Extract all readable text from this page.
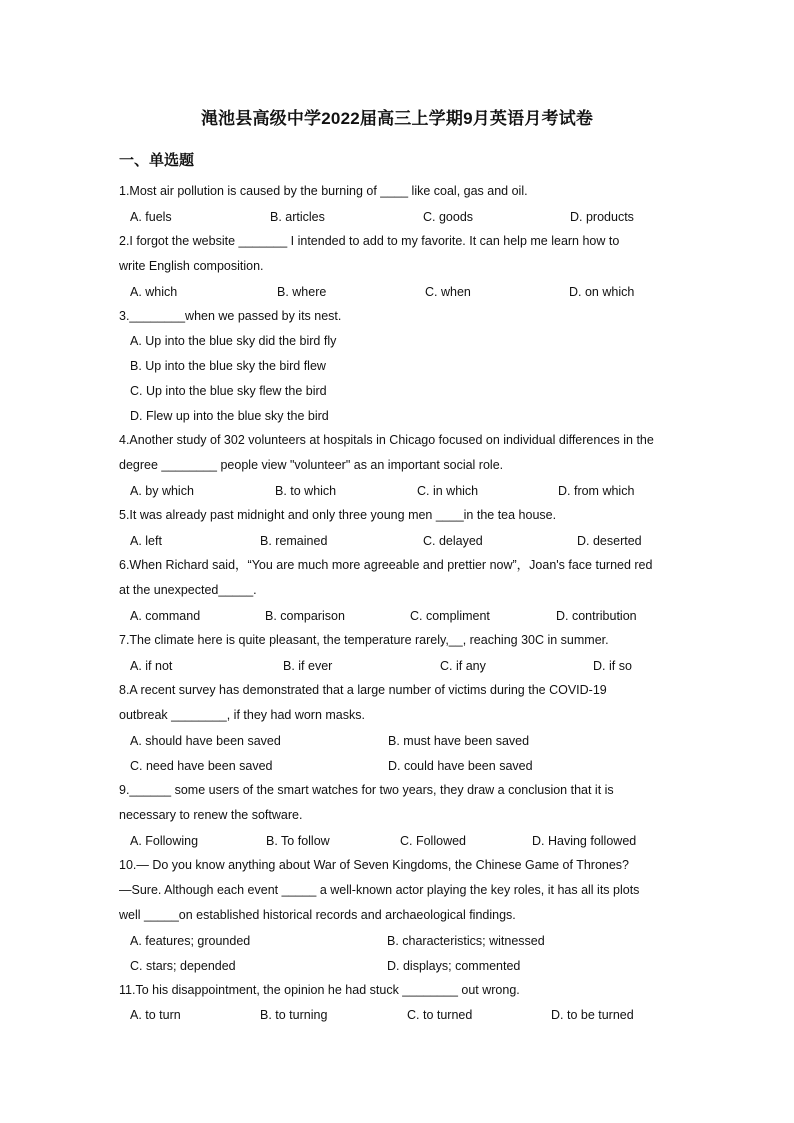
渑池县高级中学2022届高三上学期9月英语月考试卷
一、单选题
1.Most air pollution is caused by the burning of ____ like coal, gas and oil.
A. fuels	B. articles	C. goods	D. products
2.I forgot the website _______ I intended to add to my favorite. It can help me learn how to
write English composition.
A. which	B. where	C. when	D. on which
3.________when we passed by its nest.
A. Up into the blue sky did the bird fly
B. Up into the blue sky the bird flew
C. Up into the blue sky flew the bird
D. Flew up into the blue sky the bird
4.Another study of 302 volunteers at hospitals in Chicago focused on individual differences in the
degree ________ people view "volunteer" as an important social role.
A. by which	B. to which	C. in which	D. from which
5.It was already past midnight and only three young men ____in the tea house.
A. left	B. remained	C. delayed	D. deserted
6.When Richard said，“You are much more agreeable and prettier now”，Joan's face turned red
at the unexpected_____.
A. command	B. comparison	C. compliment	D. contribution
7.The climate here is quite pleasant, the temperature rarely,__, reaching 30C in summer.
A. if not	B. if ever	C. if any	D. if so
8.A recent survey has demonstrated that a large number of victims during the COVID-19
outbreak ________, if they had worn masks.
A. should have been saved	B. must have been saved
C. need have been saved	D. could have been saved
9.______ some users of the smart watches for two years, they draw a conclusion that it is
necessary to renew the software.
A. Following	B. To follow	C. Followed	D. Having followed
10.— Do you know anything about War of Seven Kingdoms, the Chinese Game of Thrones?
—Sure. Although each event _____ a well-known actor playing the key roles, it has all its plots
well _____on established historical records and archaeological findings.
A. features; grounded	B. characteristics; witnessed
C. stars; depended	D. displays; commented
11.To his disappointment, the opinion he had stuck ________ out wrong.
A. to turn	B. to turning	C. to turned	D. to be turned
